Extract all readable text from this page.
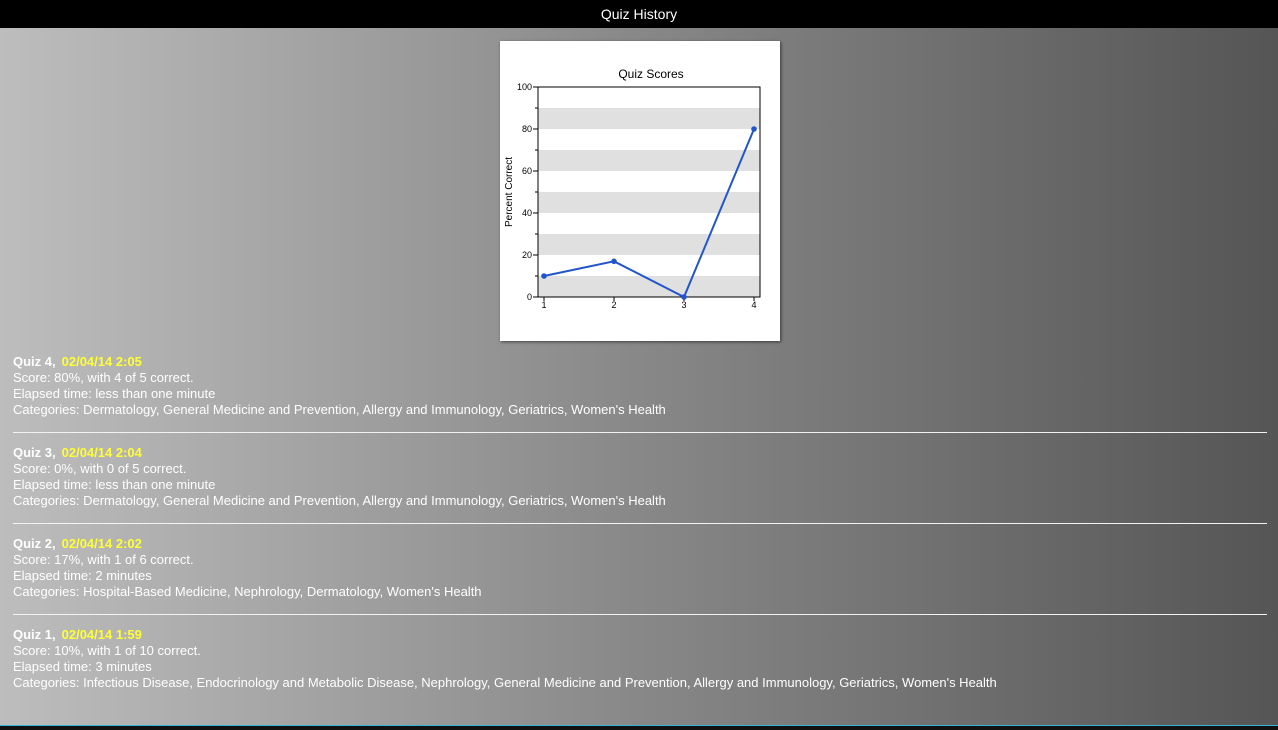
Quiz History
0
20
40
60
80
100
1	2	3	4
Quiz Scores
Percent Correct
Quiz 4, 02/04/14 2:05
Score: 80%, with 4 of 5 correct.
Elapsed time: less than one minute
Categories: Dermatology, General Medicine and Prevention, Allergy and Immunology, Geriatrics, Women's Health
Quiz 3, 02/04/14 2:04
Score: 0%, with 0 of 5 correct.
Elapsed time: less than one minute
Categories: Dermatology, General Medicine and Prevention, Allergy and Immunology, Geriatrics, Women's Health
Quiz 2, 02/04/14 2:02
Score: 17%, with 1 of 6 correct.
Elapsed time: 2 minutes
Categories: Hospital-Based Medicine, Nephrology, Dermatology, Women's Health
Quiz 1, 02/04/14 1:59
Score: 10%, with 1 of 10 correct.
Elapsed time: 3 minutes
Categories: Infectious Disease, Endocrinology and Metabolic Disease, Nephrology, General Medicine and Prevention, Allergy and Immunology, Geriatrics, Women's Health
